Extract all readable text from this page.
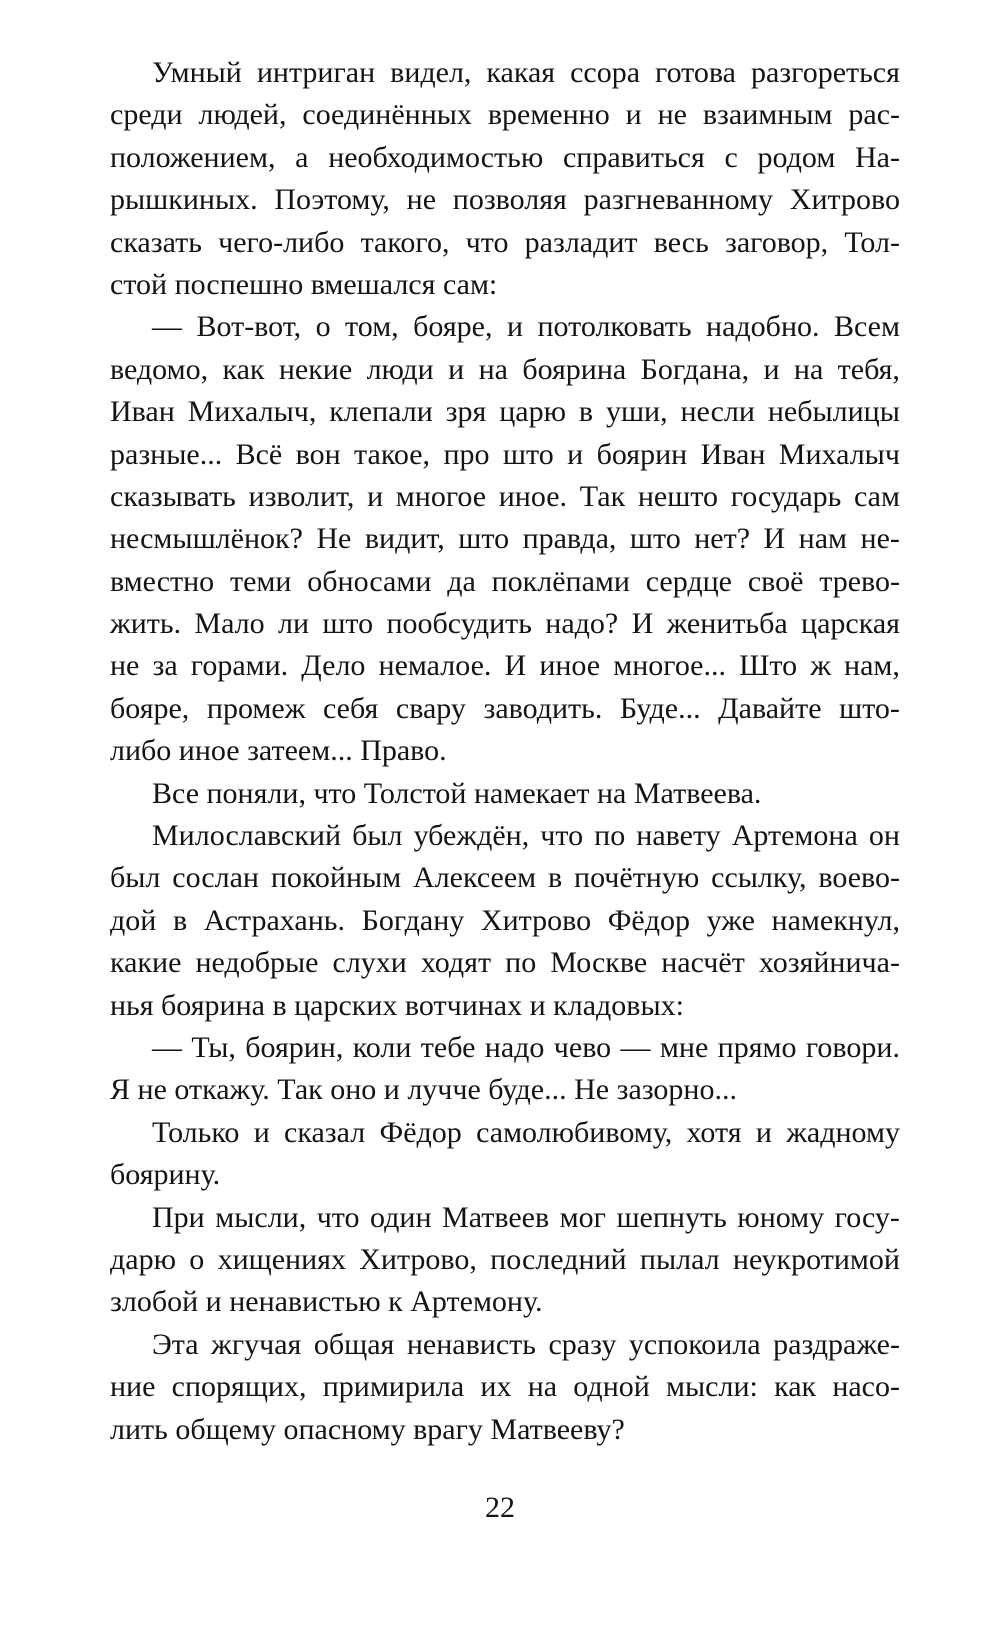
Умный интриган видел, какая ссора готова разгореться
среди людей, соединённых временно и не взаимным рас-
положением, а необходимостью справиться с родом На-
рышкиных. Поэтому, не позволяя разгневанному Хитрово
сказать чего-либо такого, что разладит весь заговор, Тол-
стой поспешно вмешался сам:
— Вот-вот, о том, бояре, и потолковать надобно. Всем
ведомо, как некие люди и на боярина Богдана, и на тебя,
Иван Михалыч, клепали зря царю в уши, несли небылицы
разные... Всё вон такое, про што и боярин Иван Михалыч
сказывать изволит, и многое иное. Так нешто государь сам
несмышлёнок? Не видит, што правда, што нет? И нам не-
вместно теми обносами да поклёпами сердце своё трево-
жить. Мало ли што пообсудить надо? И женитьба царская
не за горами. Дело немалое. И иное многое... Што ж нам,
бояре, промеж себя свару заводить. Буде... Давайте што-
либо иное затеем... Право.
Все поняли, что Толстой намекает на Матвеева.
Милославский был убеждён, что по навету Артемона он
был сослан покойным Алексеем в почётную ссылку, воево-
дой в Астрахань. Богдану Хитрово Фёдор уже намекнул,
какие недобрые слухи ходят по Москве насчёт хозяйнича-
нья боярина в царских вотчинах и кладовых:
— Ты, боярин, коли тебе надо чево — мне прямо говори.
Я не откажу. Так оно и лучче буде... Не зазорно...
Только и сказал Фёдор самолюбивому, хотя и жадному
боярину.
При мысли, что один Матвеев мог шепнуть юному госу-
дарю о хищениях Хитрово, последний пылал неукротимой
злобой и ненавистью к Артемону.
Эта жгучая общая ненависть сразу успокоила раздраже-
ние спорящих, примирила их на одной мысли: как насо-
лить общему опасному врагу Матвееву?
22
